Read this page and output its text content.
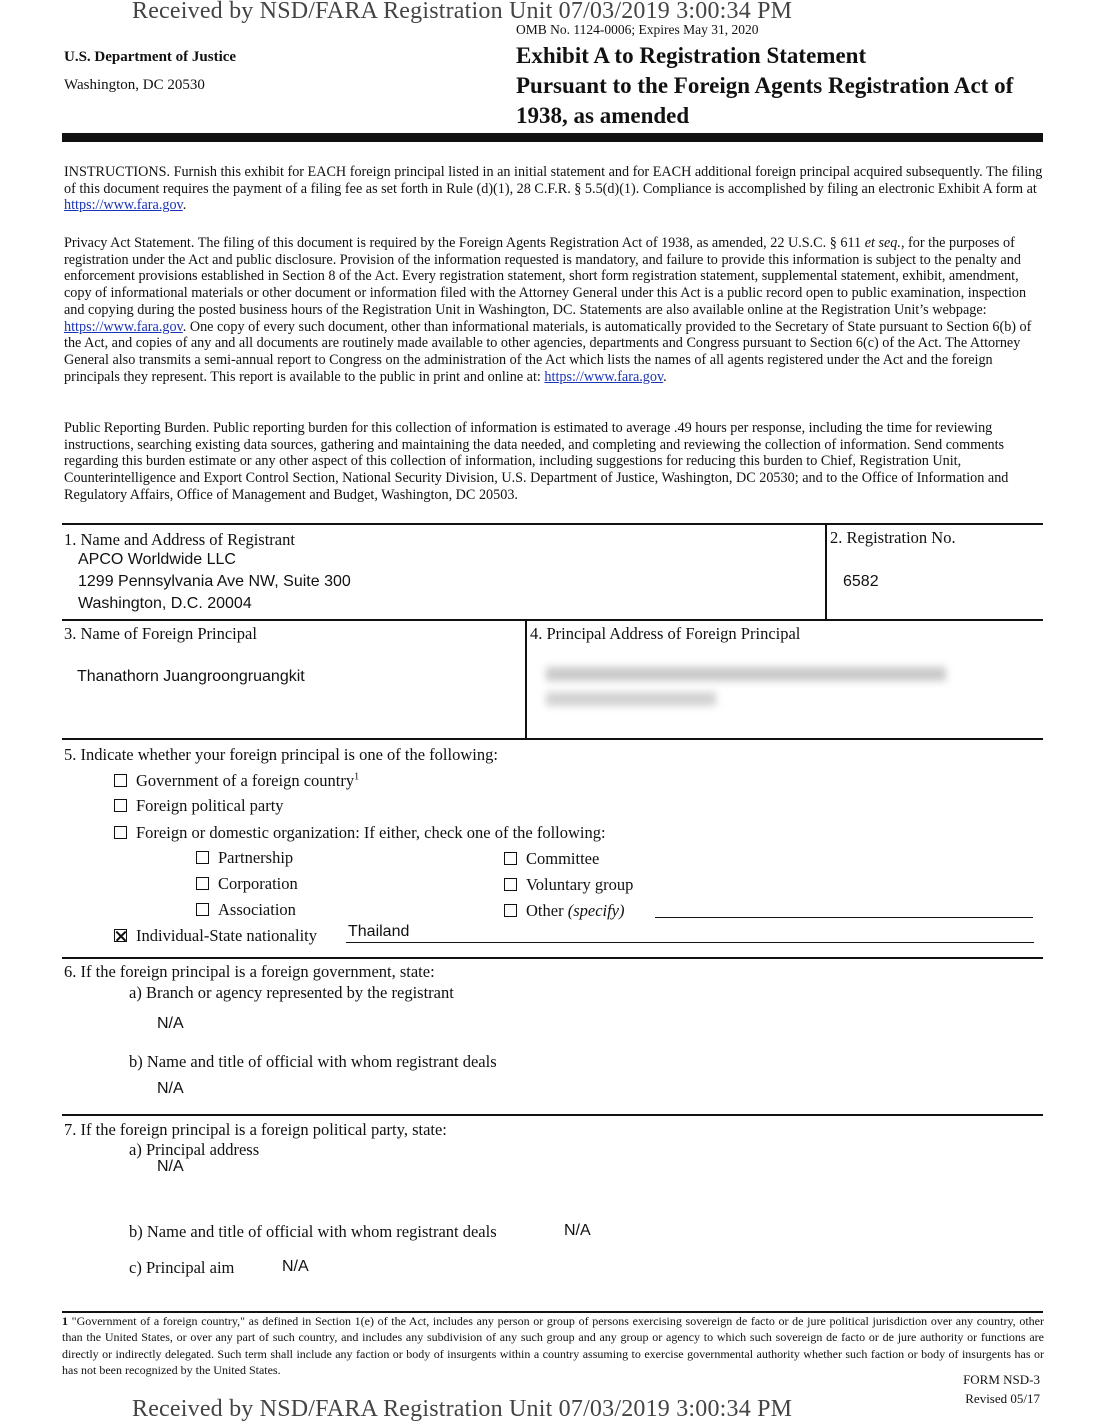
Received by NSD/FARA Registration Unit 07/03/2019 3:00:34 PM
OMB No. 1124-0006; Expires May 31, 2020
U.S. Department of Justice
Washington, DC 20530
Exhibit A to Registration Statement
Pursuant to the Foreign Agents Registration Act of
1938, as amended
INSTRUCTIONS. Furnish this exhibit for EACH foreign principal listed in an initial statement and for EACH additional foreign principal acquired subsequently. The filing of this document requires the payment of a filing fee as set forth in Rule (d)(1), 28 C.F.R. § 5.5(d)(1). Compliance is accomplished by filing an electronic Exhibit A form at https://www.fara.gov.
Privacy Act Statement. The filing of this document is required by the Foreign Agents Registration Act of 1938, as amended, 22 U.S.C. § 611 et seq., for the purposes of registration under the Act and public disclosure. Provision of the information requested is mandatory, and failure to provide this information is subject to the penalty and enforcement provisions established in Section 8 of the Act. Every registration statement, short form registration statement, supplemental statement, exhibit, amendment, copy of informational materials or other document or information filed with the Attorney General under this Act is a public record open to public examination, inspection and copying during the posted business hours of the Registration Unit in Washington, DC. Statements are also available online at the Registration Unit’s webpage: https://www.fara.gov. One copy of every such document, other than informational materials, is automatically provided to the Secretary of State pursuant to Section 6(b) of the Act, and copies of any and all documents are routinely made available to other agencies, departments and Congress pursuant to Section 6(c) of the Act. The Attorney General also transmits a semi-annual report to Congress on the administration of the Act which lists the names of all agents registered under the Act and the foreign principals they represent. This report is available to the public in print and online at: https://www.fara.gov.
Public Reporting Burden. Public reporting burden for this collection of information is estimated to average .49 hours per response, including the time for reviewing instructions, searching existing data sources, gathering and maintaining the data needed, and completing and reviewing the collection of information. Send comments regarding this burden estimate or any other aspect of this collection of information, including suggestions for reducing this burden to Chief, Registration Unit, Counterintelligence and Export Control Section, National Security Division, U.S. Department of Justice, Washington, DC 20530; and to the Office of Information and Regulatory Affairs, Office of Management and Budget, Washington, DC 20503.
1. Name and Address of Registrant
APCO Worldwide LLC
1299 Pennsylvania Ave NW, Suite 300
Washington, D.C. 20004
2. Registration No.
6582
3. Name of Foreign Principal
Thanathorn Juangroongruangkit
4. Principal Address of Foreign Principal
5. Indicate whether your foreign principal is one of the following:
Government of a foreign country$^1$
Foreign political party
Foreign or domestic organization: If either, check one of the following:
Partnership
Corporation
Association
Committee
Voluntary group
Other (specify)
Individual-State nationality Thailand
6. If the foreign principal is a foreign government, state:
a) Branch or agency represented by the registrant
N/A
b) Name and title of official with whom registrant deals
N/A
7. If the foreign principal is a foreign political party, state:
a) Principal address
N/A
b) Name and title of official with whom registrant deals	N/A
c) Principal aim	N/A
1 "Government of a foreign country," as defined in Section 1(e) of the Act, includes any person or group of persons exercising sovereign de facto or de jure political jurisdiction over any country, other than the United States, or over any part of such country, and includes any subdivision of any such group and any group or agency to which such sovereign de facto or de jure authority or functions are directly or indirectly delegated. Such term shall include any faction or body of insurgents within a country assuming to exercise governmental authority whether such faction or body of insurgents has or has not been recognized by the United States.
FORM NSD-3
Revised 05/17
Received by NSD/FARA Registration Unit 07/03/2019 3:00:34 PM
